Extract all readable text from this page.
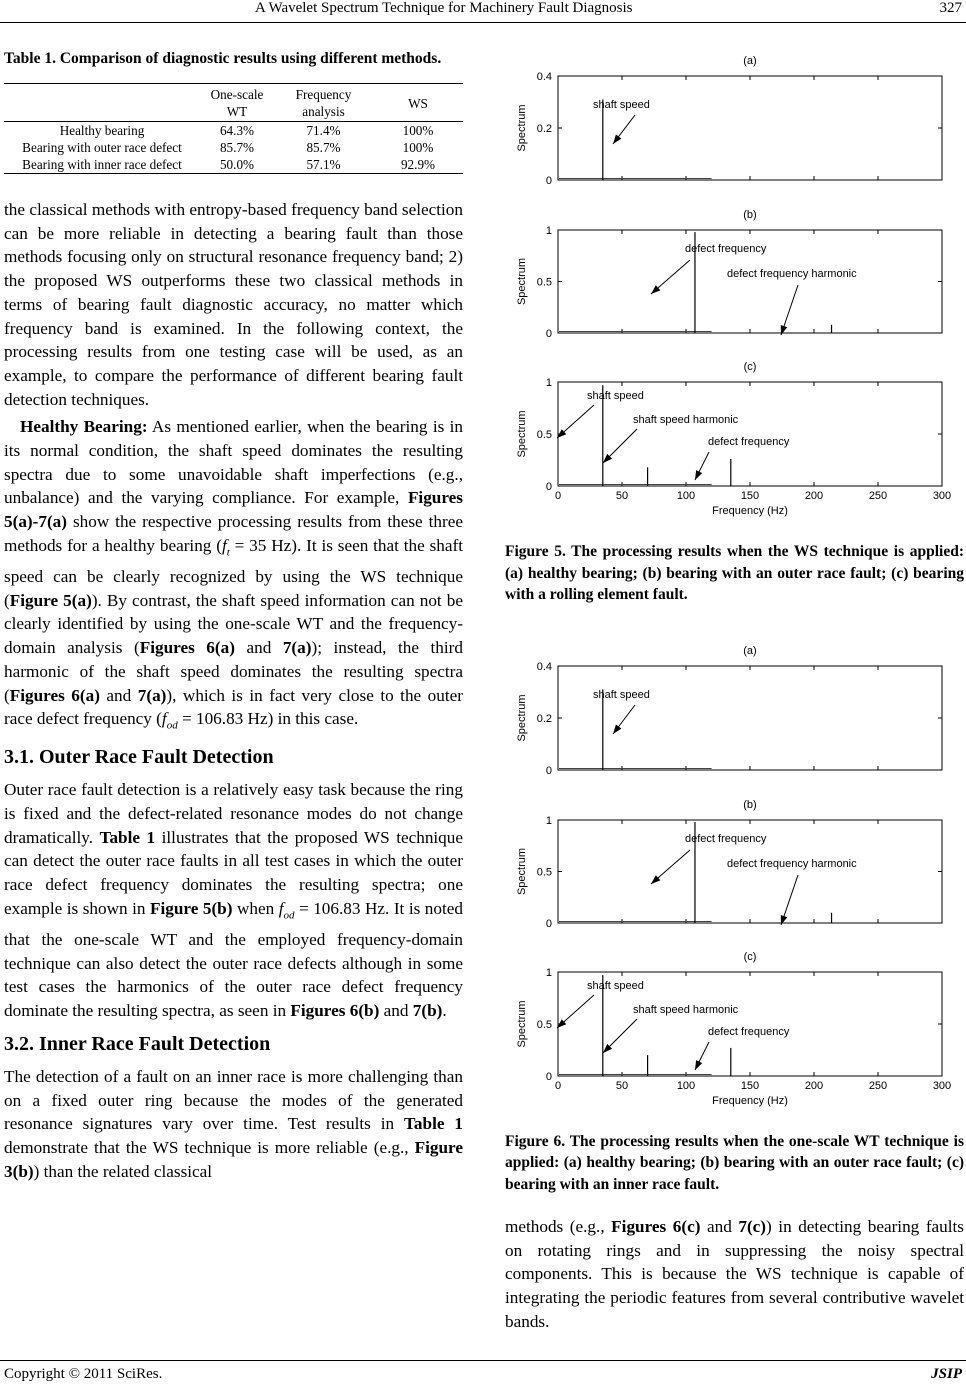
A Wavelet Spectrum Technique for Machinery Fault Diagnosis	327
Table 1. Comparison of diagnostic results using different methods.
	One-scale WT	Frequency analysis	WS
Healthy bearing	64.3%	71.4%	100%
Bearing with outer race defect	85.7%	85.7%	100%
Bearing with inner race defect	50.0%	57.1%	92.9%

the classical methods with entropy-based frequency band selection can be more reliable in detecting a bearing fault than those methods focusing only on structural resonance frequency band; 2) the proposed WS outperforms these two classical methods in terms of bearing fault diagnostic accuracy, no matter which frequency band is examined. In the following context, the processing results from one testing case will be used, as an example, to compare the performance of different bearing fault detection techniques.

Healthy Bearing: As mentioned earlier, when the bearing is in its normal condition, the shaft speed dominates the resulting spectra due to some unavoidable shaft imperfections (e.g., unbalance) and the varying compliance. For example, Figures 5(a)-7(a) show the respective processing results from these three methods for a healthy bearing ($f_t = 35$ Hz). It is seen that the shaft speed can be clearly recognized by using the WS technique (Figure 5(a)). By contrast, the shaft speed information can not be clearly identified by using the one-scale WT and the frequency-domain analysis (Figures 6(a) and 7(a)); instead, the third harmonic of the shaft speed dominates the resulting spectra (Figures 6(a) and 7(a)), which is in fact very close to the outer race defect frequency ($f_{od} = 106.83$ Hz) in this case.

3.1. Outer Race Fault Detection

Outer race fault detection is a relatively easy task because the ring is fixed and the defect-related resonance modes do not change dramatically. Table 1 illustrates that the proposed WS technique can detect the outer race faults in all test cases in which the outer race defect frequency dominates the resulting spectra; one example is shown in Figure 5(b) when $f_{od} = 106.83$ Hz. It is noted that the one-scale WT and the employed frequency-domain technique can also detect the outer race defects although in some test cases the harmonics of the outer race defect frequency dominate the resulting spectra, as seen in Figures 6(b) and 7(b).

3.2. Inner Race Fault Detection

The detection of a fault on an inner race is more challenging than on a fixed outer ring because the modes of the generated resonance signatures vary over time. Test results in Table 1 demonstrate that the WS technique is more reliable (e.g., Figure 3(b)) than the related classical

(a)
0
0.2
0.4
Spectrum	shaft speed
(b)
0
0.5
1
Spectrum
defect frequency
defect frequency harmonic
(c)
0
0.5
1
0	50	100	150	200	250	300
Spectrum
shaft speed
shaft speed harmonic
defect frequency
Frequency (Hz)
Figure 5. The processing results when the WS technique is applied: (a) healthy bearing; (b) bearing with an outer race fault; (c) bearing with a rolling element fault.
(a)
0
0.2
0.4
Spectrum	shaft speed
(b)
0
0.5
1
Spectrum
defect frequency
defect frequency harmonic
(c)
0
0.5
1
0	50	100	150	200	250	300
Spectrum
shaft speed
shaft speed harmonic
defect frequency
Frequency (Hz)
Figure 6. The processing results when the one-scale WT technique is applied: (a) healthy bearing; (b) bearing with an outer race fault; (c) bearing with an inner race fault.

methods (e.g., Figures 6(c) and 7(c)) in detecting bearing faults on rotating rings and in suppressing the noisy spectral components. This is because the WS technique is capable of integrating the periodic features from several contributive wavelet bands.

Copyright © 2011 SciRes.	JSIP
